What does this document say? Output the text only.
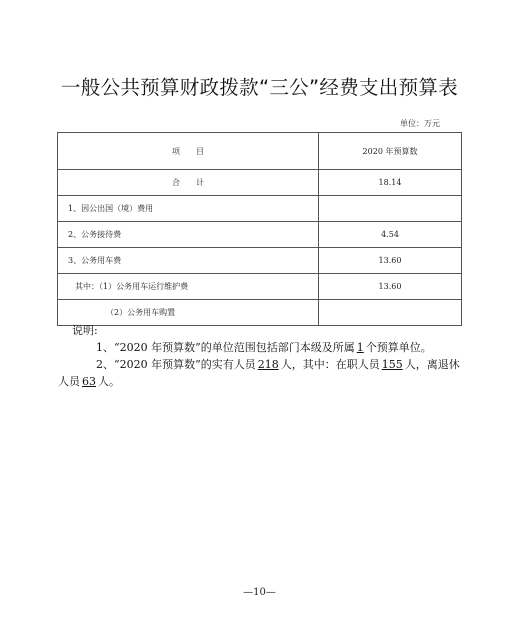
一般公共预算财政拨款“三公”经费支出预算表
单位：万元
项　　目	2020 年预算数
合　　计	18.14
1、因公出国（境）费用	
2、公务接待费	4.54
3、公务用车费	13.60
其中：（1）公务用车运行维护费	13.60
（2）公务用车购置	

说明:

1、“2020 年预算数”的单位范围包括部门本级及所属 1 个预算单位。

2、“2020 年预算数”的实有人员 218 人，其中：在职人员 155 人，离退休人员 63 人。

—10—
